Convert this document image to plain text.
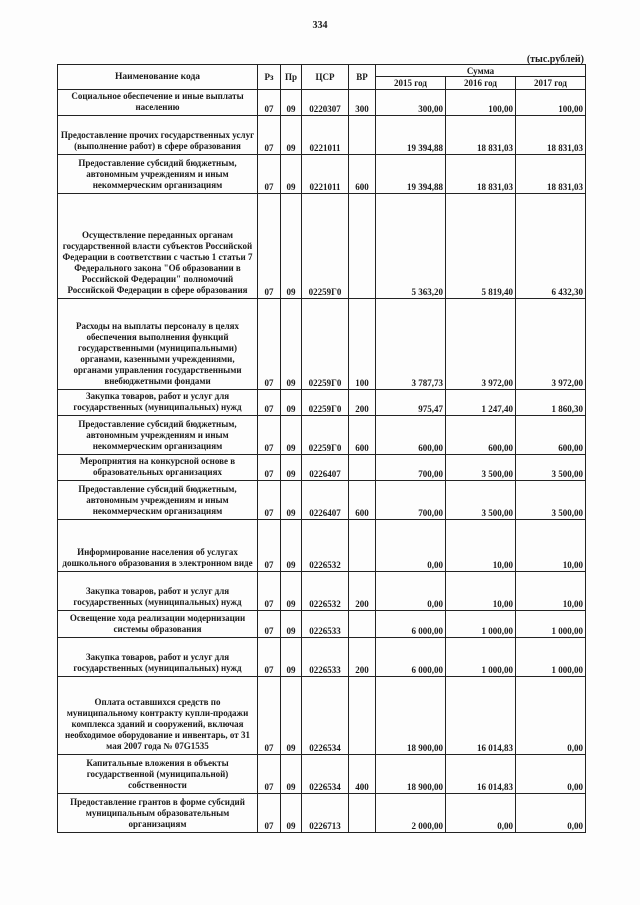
334
(тыс.рублей)
Наименование кода	Рз	Пр	ЦСР	ВР	Сумма		
					2015 год	2016 год	2017 год
Социальное обеспечение и иные выплаты населению	07	09	0220307	300	300,00	100,00	100,00
Предоставление прочих государственных услуг (выполнение работ) в сфере образования	07	09	0221011		19 394,88	18 831,03	18 831,03
Предоставление субсидий бюджетным, автономным учреждениям и иным некоммерческим организациям	07	09	0221011	600	19 394,88	18 831,03	18 831,03
Осуществление переданных органам государственной власти субъектов Российской Федерации в соответствии с частью 1 статьи 7 Федерального закона "Об образовании в Российской Федерации" полномочий Российской Федерации в сфере образования	07	09	02259Г0		5 363,20	5 819,40	6 432,30
Расходы на выплаты персоналу в целях обеспечения выполнения функций государственными (муниципальными) органами, казенными учреждениями, органами управления государственными внебюджетными фондами	07	09	02259Г0	100	3 787,73	3 972,00	3 972,00
Закупка товаров, работ и услуг для государственных (муниципальных) нужд	07	09	02259Г0	200	975,47	1 247,40	1 860,30
Предоставление субсидий бюджетным, автономным учреждениям и иным некоммерческим организациям	07	09	02259Г0	600	600,00	600,00	600,00
Мероприятия на конкурсной основе в образовательных организациях	07	09	0226407		700,00	3 500,00	3 500,00
Предоставление субсидий бюджетным, автономным учреждениям и иным некоммерческим организациям	07	09	0226407	600	700,00	3 500,00	3 500,00
Информирование населения об услугах дошкольного образования в электронном виде	07	09	0226532		0,00	10,00	10,00
Закупка товаров, работ и услуг для государственных (муниципальных) нужд	07	09	0226532	200	0,00	10,00	10,00
Освещение хода реализации модернизации системы образования	07	09	0226533		6 000,00	1 000,00	1 000,00
Закупка товаров, работ и услуг для государственных (муниципальных) нужд	07	09	0226533	200	6 000,00	1 000,00	1 000,00
Оплата оставшихся средств по муниципальному контракту купли-продажи комплекса зданий и сооружений, включая необходимое оборудование и инвентарь, от 31 мая 2007 года № 07G1535	07	09	0226534		18 900,00	16 014,83	0,00
Капитальные вложения в объекты государственной (муниципальной) собственности	07	09	0226534	400	18 900,00	16 014,83	0,00
Предоставление грантов в форме субсидий муниципальным образовательным организациям	07	09	0226713		2 000,00	0,00	0,00
